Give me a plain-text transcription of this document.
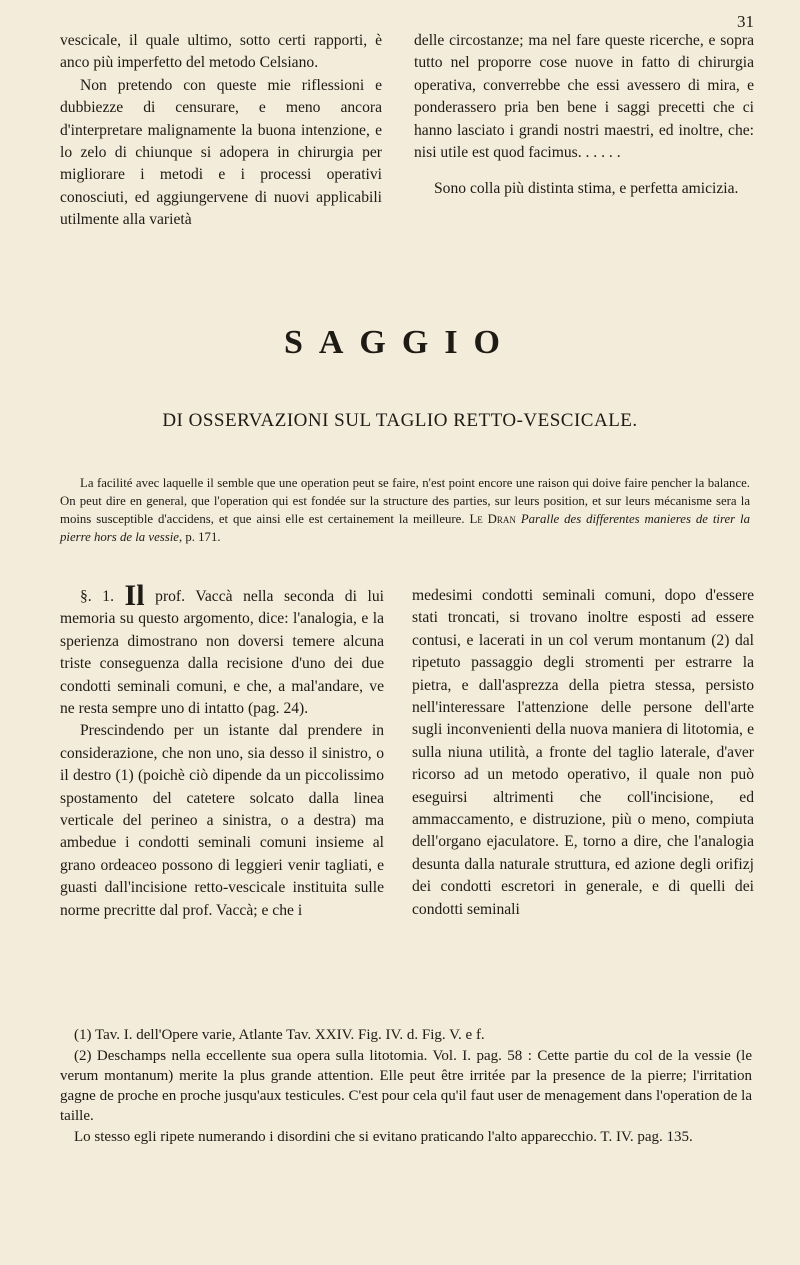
31

vescicale, il quale ultimo, sotto certi rapporti, è anco più imperfetto del metodo Celsiano.

Non pretendo con queste mie riflessioni e dubbiezze di censurare, e meno ancora d'interpretare malignamente la buona intenzione, e lo zelo di chiunque si adopera in chirurgia per migliorare i metodi e i processi operativi conosciuti, ed aggiungervene di nuovi applicabili utilmente alla varietà

delle circostanze; ma nel fare queste ricerche, e sopra tutto nel proporre cose nuove in fatto di chirurgia operativa, converrebbe che essi avessero di mira, e ponderassero pria ben bene i saggi precetti che ci hanno lasciato i grandi nostri maestri, ed inoltre, che: nisi utile est quod facimus. . . . . .

Sono colla più distinta stima, e perfetta amicizia.

SAGGIO
DI OSSERVAZIONI SUL TAGLIO RETTO-VESCICALE.

La facilité avec laquelle il semble que une operation peut se faire, n'est point encore une raison qui doive faire pencher la balance. On peut dire en general, que l'operation qui est fondée sur la structure des parties, sur leurs position, et sur leurs mécanisme sera la moins susceptible d'accidens, et que ainsi elle est certainement la meilleure. Le Dran Paralle des differentes manieres de tirer la pierre hors de la vessie, p. 171.

§. 1. Il prof. Vaccà nella seconda di lui memoria su questo argomento, dice: l'analogia, e la sperienza dimostrano non doversi temere alcuna triste conseguenza dalla recisione d'uno dei due condotti seminali comuni, e che, a mal'andare, ve ne resta sempre uno di intatto (pag. 24).

Prescindendo per un istante dal prendere in considerazione, che non uno, sia desso il sinistro, o il destro (1) (poichè ciò dipende da un piccolissimo spostamento del catetere solcato dalla linea verticale del perineo a sinistra, o a destra) ma ambedue i condotti seminali comuni insieme al grano ordeaceo possono di leggieri venir tagliati, e guasti dall'incisione retto-vescicale instituita sulle norme precritte dal prof. Vaccà; e che i

medesimi condotti seminali comuni, dopo d'essere stati troncati, si trovano inoltre esposti ad essere contusi, e lacerati in un col verum montanum (2) dal ripetuto passaggio degli stromenti per estrarre la pietra, e dall'asprezza della pietra stessa, persisto nell'interessare l'attenzione delle persone dell'arte sugli inconvenienti della nuova maniera di litotomia, e sulla niuna utilità, a fronte del taglio laterale, d'aver ricorso ad un metodo operativo, il quale non può eseguirsi altrimenti che coll'incisione, ed ammaccamento, e distruzione, più o meno, compiuta dell'organo ejaculatore. E, torno a dire, che l'analogia desunta dalla naturale struttura, ed azione degli orifizj dei condotti escretori in generale, e di quelli dei condotti seminali

(1) Tav. I. dell'Opere varie, Atlante Tav. XXIV. Fig. IV. d. Fig. V. e f.

(2) Deschamps nella eccellente sua opera sulla litotomia. Vol. I. pag. 58 : Cette partie du col de la vessie (le verum montanum) merite la plus grande attention. Elle peut être irritée par la presence de la pierre; l'irritation gagne de proche en proche jusqu'aux testicules. C'est pour cela qu'il faut user de menagement dans l'operation de la taille.

Lo stesso egli ripete numerando i disordini che si evitano praticando l'alto apparecchio. T. IV. pag. 135.
